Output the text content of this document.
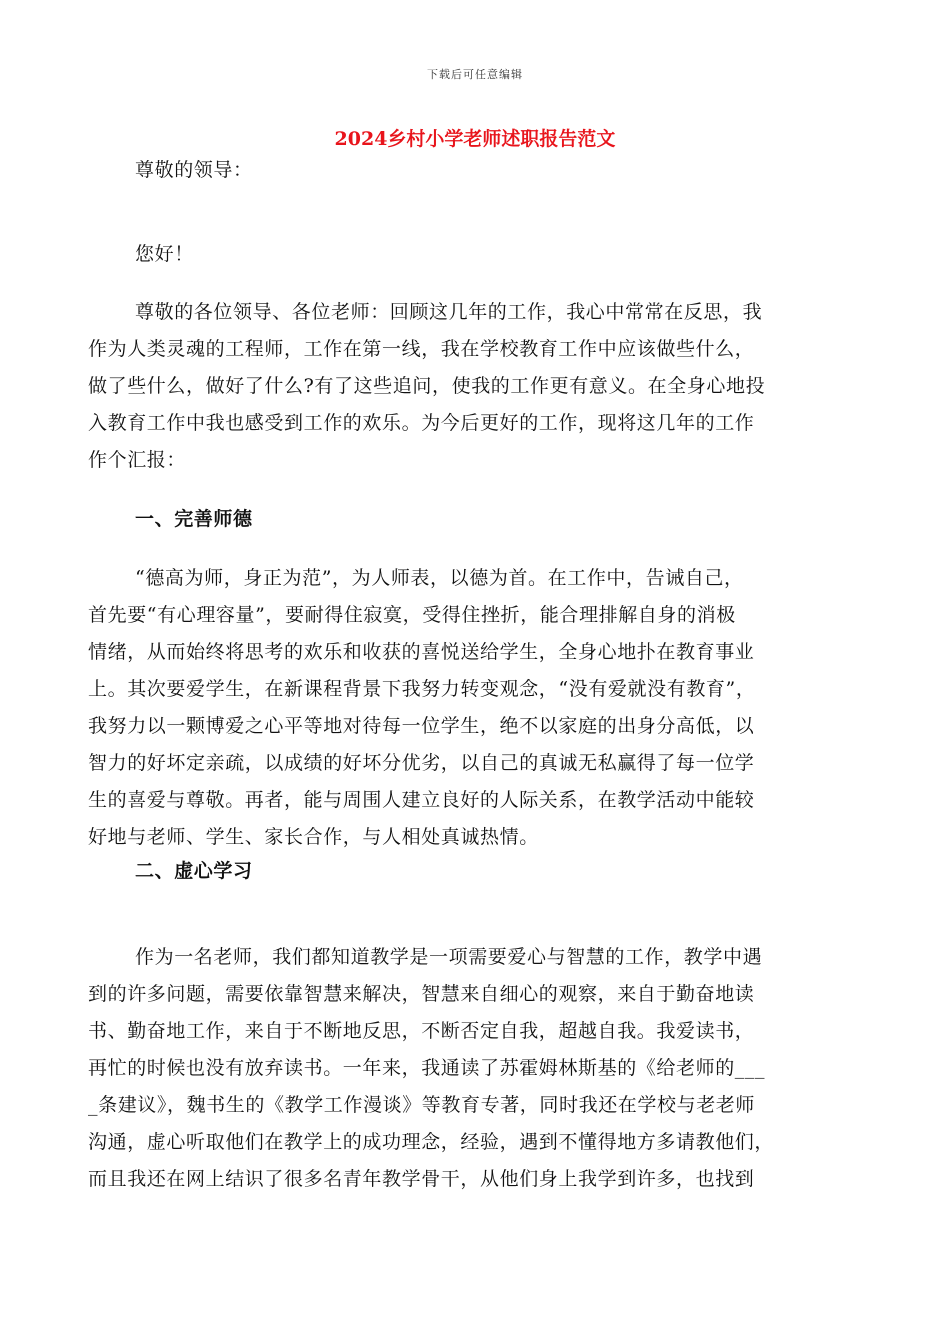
下载后可任意编辑
2024乡村小学老师述职报告范文
尊敬的领导：
您好！
尊敬的各位领导、各位老师：回顾这几年的工作，我心中常常在反思，我
作为人类灵魂的工程师，工作在第一线，我在学校教育工作中应该做些什么，
做了些什么，做好了什么?有了这些追问，使我的工作更有意义。在全身心地投
入教育工作中我也感受到工作的欢乐。为今后更好的工作，现将这几年的工作
作个汇报：
一、完善师德
“德高为师，身正为范”，为人师表，以德为首。在工作中，告诫自己，
首先要“有心理容量”，要耐得住寂寞，受得住挫折，能合理排解自身的消极
情绪，从而始终将思考的欢乐和收获的喜悦送给学生，全身心地扑在教育事业
上。其次要爱学生，在新课程背景下我努力转变观念，“没有爱就没有教育”，
我努力以一颗博爱之心平等地对待每一位学生，绝不以家庭的出身分高低，以
智力的好坏定亲疏，以成绩的好坏分优劣，以自己的真诚无私赢得了每一位学
生的喜爱与尊敬。再者，能与周围人建立良好的人际关系，在教学活动中能较
好地与老师、学生、家长合作，与人相处真诚热情。
二、虚心学习
作为一名老师，我们都知道教学是一项需要爱心与智慧的工作，教学中遇
到的许多问题，需要依靠智慧来解决，智慧来自细心的观察，来自于勤奋地读
书、勤奋地工作，来自于不断地反思，不断否定自我，超越自我。我爱读书，
再忙的时候也没有放弃读书。一年来，我通读了苏霍姆林斯基的《给老师的___
_条建议》，魏书生的《教学工作漫谈》等教育专著，同时我还在学校与老老师
沟通，虚心听取他们在教学上的成功理念，经验，遇到不懂得地方多请教他们，
而且我还在网上结识了很多名青年教学骨干，从他们身上我学到许多，也找到
